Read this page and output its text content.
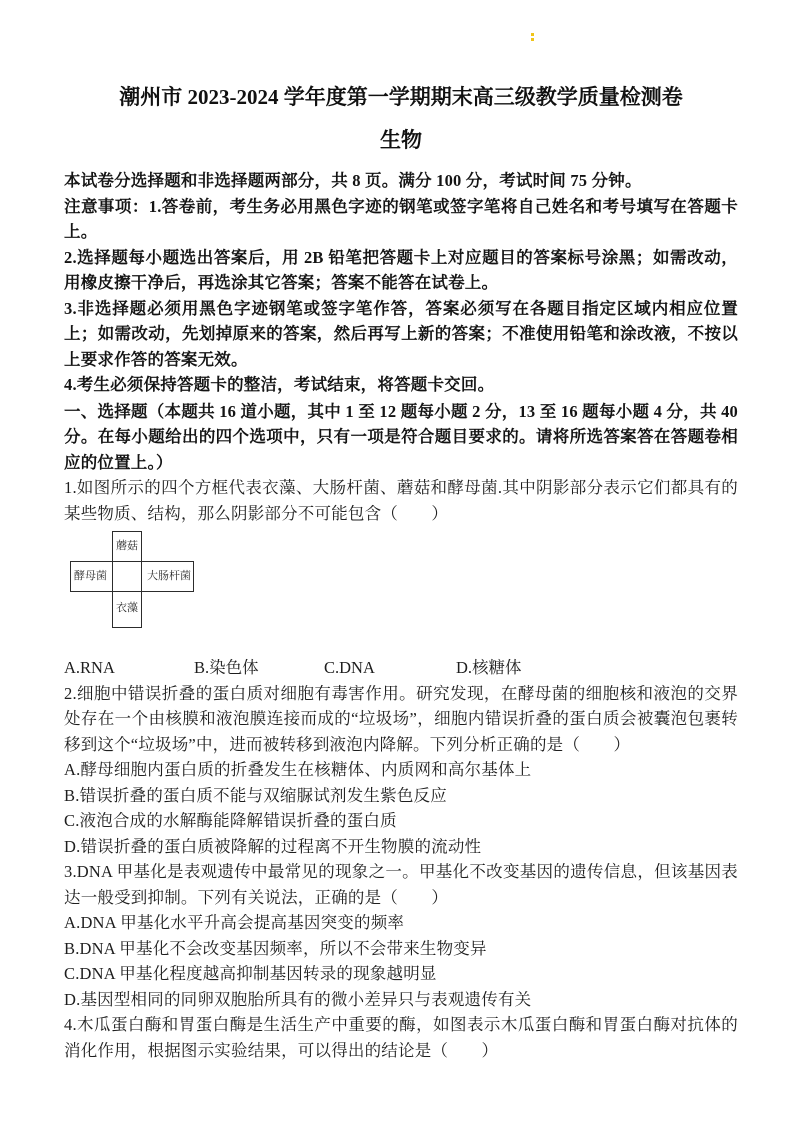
潮州市 2023-2024 学年度第一学期期末高三级教学质量检测卷
生物

本试卷分选择题和非选择题两部分，共 8 页。满分 100 分，考试时间 75 分钟。

注意事项：1.答卷前，考生务必用黑色字迹的钢笔或签字笔将自己姓名和考号填写在答题卡上。

2.选择题每小题选出答案后，用 2B 铅笔把答题卡上对应题目的答案标号涂黑；如需改动，用橡皮擦干净后，再选涂其它答案；答案不能答在试卷上。

3.非选择题必须用黑色字迹钢笔或签字笔作答，答案必须写在各题目指定区域内相应位置上；如需改动，先划掉原来的答案，然后再写上新的答案；不准使用铅笔和涂改液，不按以上要求作答的答案无效。

4.考生必须保持答题卡的整洁，考试结束，将答题卡交回。

一、选择题（本题共 16 道小题，其中 1 至 12 题每小题 2 分，13 至 16 题每小题 4 分，共 40 分。在每小题给出的四个选项中，只有一项是符合题目要求的。请将所选答案答在答题卷相应的位置上。）

1.如图所示的四个方框代表衣藻、大肠杆菌、蘑菇和酵母菌.其中阴影部分表示它们都具有的某些物质、结构，那么阴影部分不可能包含（　　）

蘑菇
酵母菌	大肠杆菌
衣藻
A.RNA	B.染色体	C.DNA	D.核糖体

2.细胞中错误折叠的蛋白质对细胞有毒害作用。研究发现，在酵母菌的细胞核和液泡的交界处存在一个由核膜和液泡膜连接而成的“垃圾场”，细胞内错误折叠的蛋白质会被囊泡包裹转移到这个“垃圾场”中，进而被转移到液泡内降解。下列分析正确的是（　　）

A.酵母细胞内蛋白质的折叠发生在核糖体、内质网和高尔基体上

B.错误折叠的蛋白质不能与双缩脲试剂发生紫色反应

C.液泡合成的水解酶能降解错误折叠的蛋白质

D.错误折叠的蛋白质被降解的过程离不开生物膜的流动性

3.DNA 甲基化是表观遗传中最常见的现象之一。甲基化不改变基因的遗传信息，但该基因表达一般受到抑制。下列有关说法，正确的是（　　）

A.DNA 甲基化水平升高会提高基因突变的频率

B.DNA 甲基化不会改变基因频率，所以不会带来生物变异

C.DNA 甲基化程度越高抑制基因转录的现象越明显

D.基因型相同的同卵双胞胎所具有的微小差异只与表观遗传有关

4.木瓜蛋白酶和胃蛋白酶是生活生产中重要的酶，如图表示木瓜蛋白酶和胃蛋白酶对抗体的消化作用，根据图示实验结果，可以得出的结论是（　　）
